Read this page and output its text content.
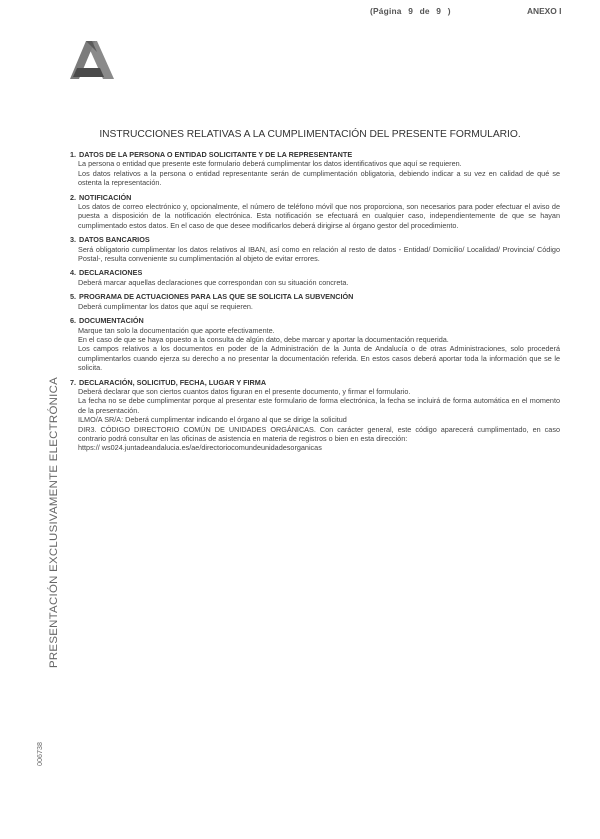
(Página 9 de 9 )	ANEXO I
INSTRUCCIONES RELATIVAS A LA CUMPLIMENTACIÓN DEL PRESENTE FORMULARIO.
1. DATOS DE LA PERSONA O ENTIDAD SOLICITANTE Y DE LA REPRESENTANTE

La persona o entidad que presente este formulario deberá cumplimentar los datos identificativos que aquí se requieren.

Los datos relativos a la persona o entidad representante serán de cumplimentación obligatoria, debiendo indicar a su vez en calidad de qué se ostenta la representación.

2. NOTIFICACIÓN

Los datos de correo electrónico y, opcionalmente, el número de teléfono móvil que nos proporciona, son necesarios para poder efectuar el aviso de puesta a disposición de la notificación electrónica. Esta notificación se efectuará en cualquier caso, independientemente de que se hayan cumplimentado estos datos. En el caso de que desee modificarlos deberá dirigirse al órgano gestor del procedimiento.

3. DATOS BANCARIOS

Será obligatorio cumplimentar los datos relativos al IBAN, así como en relación al resto de datos - Entidad/ Domicilio/ Localidad/ Provincia/ Código Postal-, resulta conveniente su cumplimentación al objeto de evitar errores.

4. DECLARACIONES

Deberá marcar aquellas declaraciones que correspondan con su situación concreta.

5. PROGRAMA DE ACTUACIONES PARA LAS QUE SE SOLICITA LA SUBVENCIÓN

Deberá cumplimentar los datos que aquí se requieren.

6. DOCUMENTACIÓN

Marque tan solo la documentación que aporte efectivamente.

En el caso de que se haya opuesto a la consulta de algún dato, debe marcar y aportar la documentación requerida.

Los campos relativos a los documentos en poder de la Administración de la Junta de Andalucía o de otras Administraciones, solo procederá cumplimentarlos cuando ejerza su derecho a no presentar la documentación referida. En estos casos deberá aportar toda la información que se le solicita.

7. DECLARACIÓN, SOLICITUD, FECHA, LUGAR Y FIRMA

Deberá declarar que son ciertos cuantos datos figuran en el presente documento, y firmar el formulario.

La fecha no se debe cumplimentar porque al presentar este formulario de forma electrónica, la fecha se incluirá de forma automática en el momento de la presentación.

ILMO/A SR/A: Deberá cumplimentar indicando el órgano al que se dirige la solicitud

DIR3. CÓDIGO DIRECTORIO COMÚN DE UNIDADES ORGÁNICAS. Con carácter general, este código aparecerá cumplimentado, en caso contrario podrá consultar en las oficinas de asistencia en materia de registros o bien en esta dirección:

https:// ws024.juntadeandalucia.es/ae/directoriocomundeunidadesorganicas

PRESENTACIÓN EXCLUSIVAMENTE ELECTRÓNICA
006738
